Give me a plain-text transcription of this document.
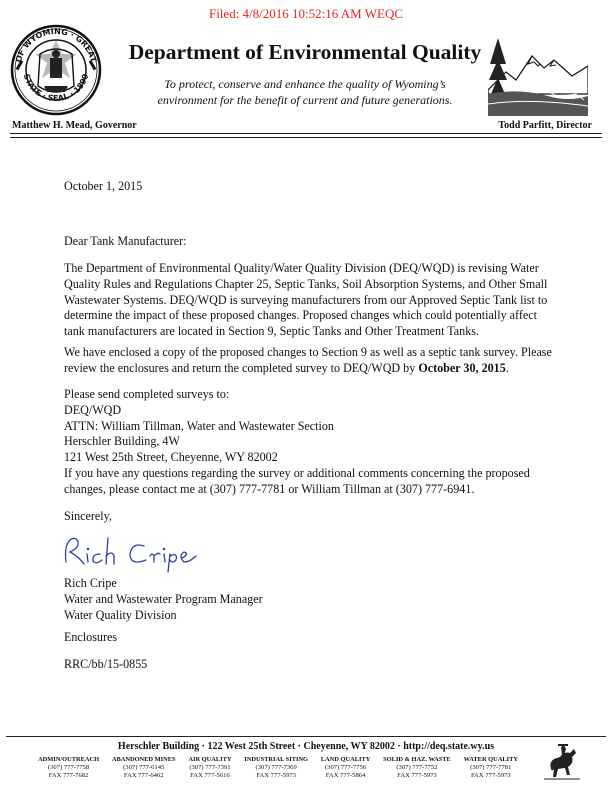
Filed: 4/8/2016 10:52:16 AM WEQC
OF WYOMING · GREAT
STATE · SEAL · 1890
Department of Environmental Quality
To protect, conserve and enhance the quality of Wyoming’s
environment for the benefit of current and future generations.
Matthew H. Mead, Governor	Todd Parfitt, Director
October 1, 2015
Dear Tank Manufacturer:
The Department of Environmental Quality/Water Quality Division (DEQ/WQD) is revising Water Quality Rules and Regulations Chapter 25, Septic Tanks, Soil Absorption Systems, and Other Small Wastewater Systems. DEQ/WQD is surveying manufacturers from our Approved Septic Tank list to determine the impact of these proposed changes. Proposed changes which could potentially affect tank manufacturers are located in Section 9, Septic Tanks and Other Treatment Tanks.
We have enclosed a copy of the proposed changes to Section 9 as well as a septic tank survey. Please review the enclosures and return the completed survey to DEQ/WQD by October 30, 2015.
Please send completed surveys to:
DEQ/WQD
ATTN: William Tillman, Water and Wastewater Section
Herschler Building, 4W
121 West 25th Street, Cheyenne, WY 82002
If you have any questions regarding the survey or additional comments concerning the proposed changes, please contact me at (307) 777-7781 or William Tillman at (307) 777-6941.
Sincerely,
Rich Cripe
Water and Wastewater Program Manager
Water Quality Division
Enclosures
RRC/bb/15-0855
Herschler Building · 122 West 25th Street · Cheyenne, WY 82002 · http://deq.state.wy.us
ADMIN/OUTREACH
(307) 777-7758
FAX 777-7682
ABANDONED MINES
(307) 777-6145
FAX 777-6462
AIR QUALITY
(307) 777-7391
FAX 777-5616
INDUSTRIAL SITING
(307) 777-7369
FAX 777-5973
LAND QUALITY
(307) 777-7756
FAX 777-5864
SOLID & HAZ. WASTE
(307) 777-7752
FAX 777-5973
WATER QUALITY
(307) 777-7781
FAX 777-5973
